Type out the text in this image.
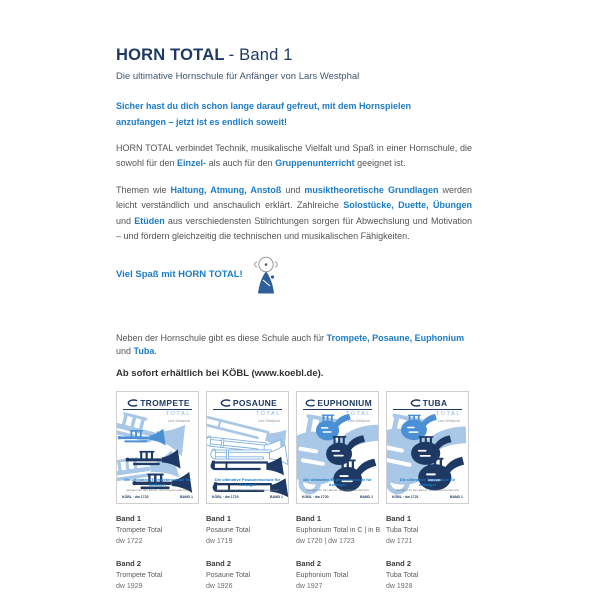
HORN TOTAL - Band 1
Die ultimative Hornschule für Anfänger von Lars Westphal
Sicher hast du dich schon lange darauf gefreut, mit dem Hornspielen anzufangen – jetzt ist es endlich soweit!

HORN TOTAL verbindet Technik, musikalische Vielfalt und Spaß in einer Hornschule, die sowohl für den Einzel- als auch für den Gruppenunterricht geeignet ist.

Themen wie Haltung, Atmung, Anstoß und musiktheoretische Grundlagen werden leicht verständlich und anschaulich erklärt. Zahlreiche Solostücke, Duette, Übungen und Etüden aus verschiedensten Stilrichtungen sorgen für Abwechslung und Motivation – und fördern gleichzeitig die technischen und musikalischen Fähigkeiten.

Viel Spaß mit HORN TOTAL!
Neben der Hornschule gibt es diese Schule auch für Trompete, Posaune, Euphonium und Tuba.
Ab sofort erhältlich bei KÖBL (www.koebl.de).
TROMPETE
TOTAL
Lars Westphal
Die ultimative Trompetenschule für Anfänger
geeignet für den Einzel- und Gruppenunterricht
KÖBL · dw 1722	BAND 1
POSAUNE
TOTAL
Lars Westphal
Die ultimative Posaunenschule für Anfänger
geeignet für den Einzel- und Gruppenunterricht
KÖBL · dw 1719	BAND 1
EUPHONIUM
TOTAL
Lars Westphal
Die ultimative Euphoniumschule für Anfänger
geeignet für den Einzel- und Gruppenunterricht
KÖBL · dw 1720	BAND 1
TUBA
TOTAL
Lars Westphal
Die ultimative Tubaschule für Anfänger
geeignet für den Einzel- und Gruppenunterricht
KÖBL · dw 1721	BAND 1
Band 1
Trompete Total
dw 1722
Band 2
Trompete Total
dw 1929
Band 1
Posaune Total
dw 1719
Band 2
Posaune Total
dw 1926
Band 1
Euphonium Total in C | in B
dw 1720 | dw 1723
Band 2
Euphonium Total
dw 1927
Band 1
Tuba Total
dw 1721
Band 2
Tuba Total
dw 1928
